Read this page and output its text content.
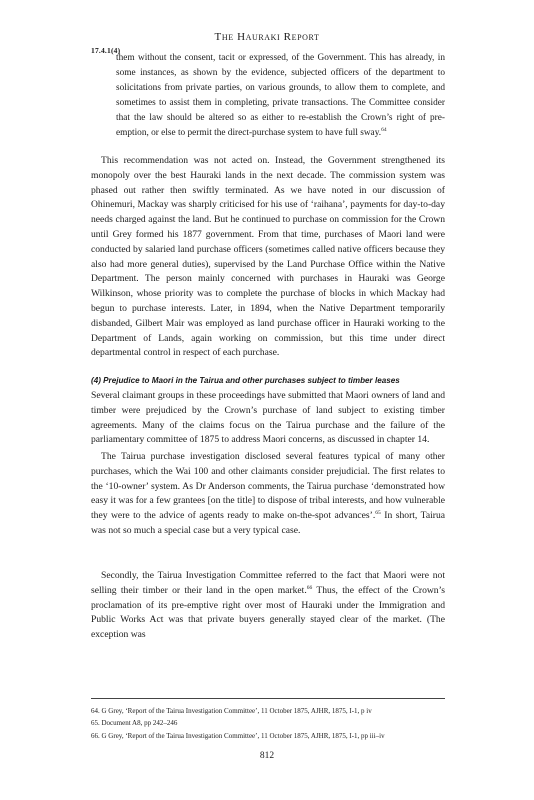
The Hauraki Report
17.4.1(4)

them without the consent, tacit or expressed, of the Government. This has already, in some instances, as shown by the evidence, subjected officers of the department to solicitations from private parties, on various grounds, to allow them to complete, and sometimes to assist them in completing, private transactions. The Committee consider that the law should be altered so as either to re-establish the Crown’s right of pre-emption, or else to permit the direct-purchase system to have full sway.$^{64}$

This recommendation was not acted on. Instead, the Government strengthened its monopoly over the best Hauraki lands in the next decade. The commission system was phased out rather then swiftly terminated. As we have noted in our discussion of Ohinemuri, Mackay was sharply criticised for his use of ‘raihana’, payments for day-to-day needs charged against the land. But he continued to purchase on commission for the Crown until Grey formed his 1877 government. From that time, purchases of Maori land were conducted by salaried land purchase officers (sometimes called native officers because they also had more general duties), supervised by the Land Purchase Office within the Native Department. The person mainly concerned with purchases in Hauraki was George Wilkinson, whose priority was to complete the purchase of blocks in which Mackay had begun to purchase interests. Later, in 1894, when the Native Department temporarily disbanded, Gilbert Mair was employed as land purchase officer in Hauraki working to the Department of Lands, again working on commission, but this time under direct departmental control in respect of each purchase.

(4) Prejudice to Maori in the Tairua and other purchases subject to timber leases

Several claimant groups in these proceedings have submitted that Maori owners of land and timber were prejudiced by the Crown’s purchase of land subject to existing timber agreements. Many of the claims focus on the Tairua purchase and the failure of the parliamentary committee of 1875 to address Maori concerns, as discussed in chapter 14.

The Tairua purchase investigation disclosed several features typical of many other purchases, which the Wai 100 and other claimants consider prejudicial. The first relates to the ‘10-owner’ system. As Dr Anderson comments, the Tairua purchase ‘demonstrated how easy it was for a few grantees [on the title] to dispose of tribal interests, and how vulnerable they were to the advice of agents ready to make on-the-spot advances’.$^{65}$ In short, Tairua was not so much a special case but a very typical case.

Secondly, the Tairua Investigation Committee referred to the fact that Maori were not selling their timber or their land in the open market.$^{66}$ Thus, the effect of the Crown’s proclamation of its pre-emptive right over most of Hauraki under the Immigration and Public Works Act was that private buyers generally stayed clear of the market. (The exception was

64. G Grey, ‘Report of the Tairua Investigation Committee’, 11 October 1875, AJHR, 1875, I-1, p iv
65. Document A8, pp 242–246
66. G Grey, ‘Report of the Tairua Investigation Committee’, 11 October 1875, AJHR, 1875, I-1, pp iii–iv
812
